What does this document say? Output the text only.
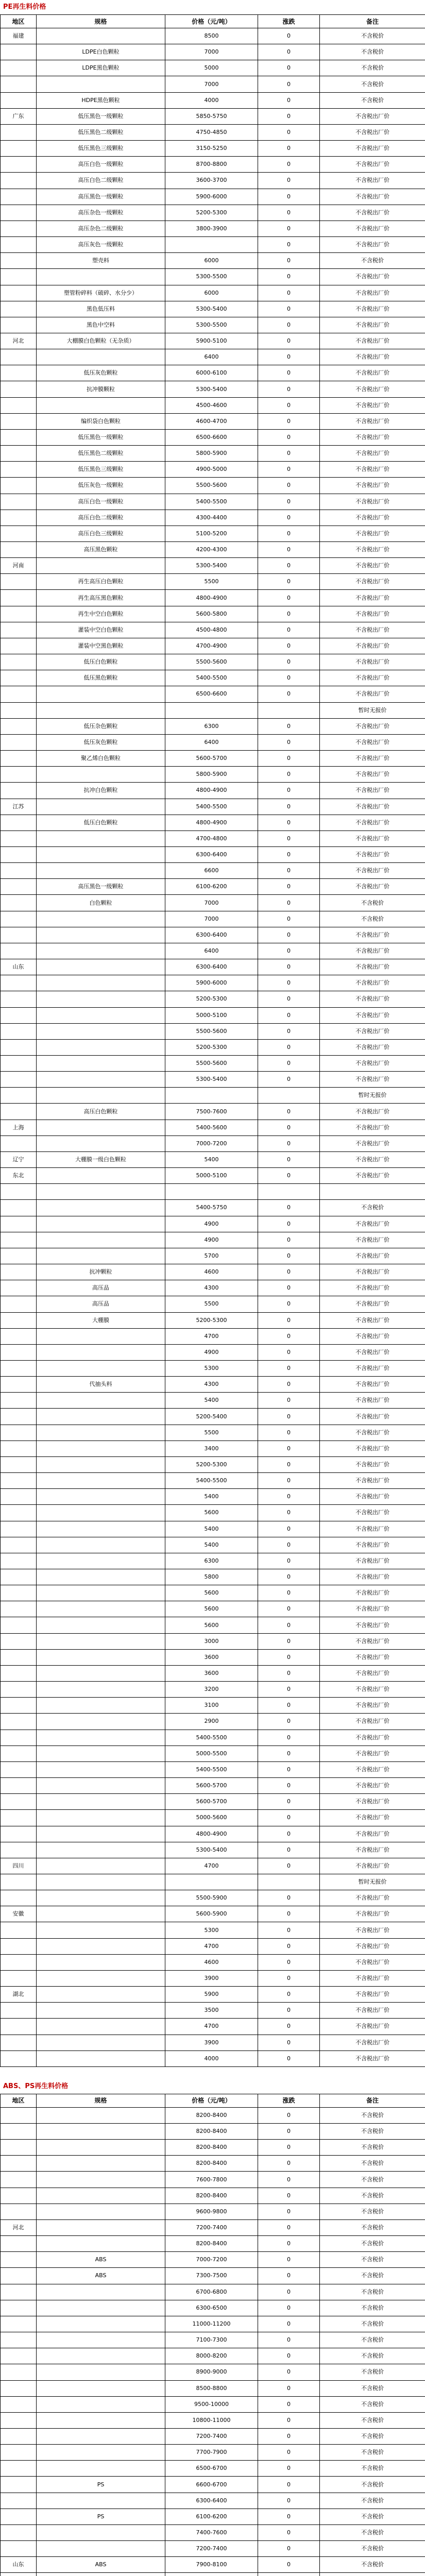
PE再生料价格
地区	规格	价格（元/吨）	涨跌	备注
福建		8500	0	不含税价
	LDPE白色颗粒	7000	0	不含税价
	LDPE黑色颗粒	5000	0	不含税价
		7000	0	不含税价
	HDPE黑色颗粒	4000	0	不含税价
广东	低压黑色一级颗粒	5850-5750	0	不含税出厂价
	低压黑色二级颗粒	4750-4850	0	不含税出厂价
	低压黑色三级颗粒	3150-5250	0	不含税出厂价
	高压白色一级颗粒	8700-8800	0	不含税出厂价
	高压白色二级颗粒	3600-3700	0	不含税出厂价
	高压黑色一级颗粒	5900-6000	0	不含税出厂价
	高压杂色一级颗粒	5200-5300	0	不含税出厂价
	高压杂色二级颗粒	3800-3900	0	不含税出厂价
	高压灰色一级颗粒		0	不含税出厂价
	塑壳料	6000	0	不含税价
		5300-5500	0	不含税出厂价
	塑管粉碎料（破碎、水分少）	6000	0	不含税出厂价
	黑色低压料	5300-5400	0	不含税出厂价
	黑色中空料	5300-5500	0	不含税出厂价
河北	大棚膜白色颗粒（无杂质）	5900-5100	0	不含税出厂价
		6400	0	不含税出厂价
	低压灰色颗粒	6000-6100	0	不含税出厂价
	抗冲膜颗粒	5300-5400	0	不含税出厂价
		4500-4600	0	不含税出厂价
	编织袋白色颗粒	4600-4700	0	不含税出厂价
	低压黑色一级颗粒	6500-6600	0	不含税出厂价
	低压黑色二级颗粒	5800-5900	0	不含税出厂价
	低压黑色三级颗粒	4900-5000	0	不含税出厂价
	低压灰色一级颗粒	5500-5600	0	不含税出厂价
	高压白色一级颗粒	5400-5500	0	不含税出厂价
	高压白色二级颗粒	4300-4400	0	不含税出厂价
	高压白色三级颗粒	5100-5200	0	不含税出厂价
	高压黑色颗粒	4200-4300	0	不含税出厂价
河南		5300-5400	0	不含税出厂价
	再生高压白色颗粒	5500	0	不含税出厂价
	再生高压黑色颗粒	4800-4900	0	不含税出厂价
	再生中空白色颗粒	5600-5800	0	不含税出厂价
	灌装中空白色颗粒	4500-4800	0	不含税出厂价
	灌装中空黑色颗粒	4700-4900	0	不含税出厂价
	低压白色颗粒	5500-5600	0	不含税出厂价
	低压黑色颗粒	5400-5500	0	不含税出厂价
		6500-6600	0	不含税出厂价
				暂时无报价
	低压杂色颗粒	6300	0	不含税出厂价
	低压灰色颗粒	6400	0	不含税出厂价
	聚乙烯白色颗粒	5600-5700	0	不含税出厂价
		5800-5900	0	不含税出厂价
	抗冲白色颗粒	4800-4900	0	不含税出厂价
江苏		5400-5500	0	不含税出厂价
	低压白色颗粒	4800-4900	0	不含税出厂价
		4700-4800	0	不含税出厂价
		6300-6400	0	不含税出厂价
		6600	0	不含税出厂价
	高压黑色一级颗粒	6100-6200	0	不含税出厂价
	白色颗粒	7000	0	不含税价
		7000	0	不含税价
		6300-6400	0	不含税出厂价
		6400	0	不含税出厂价
山东		6300-6400	0	不含税出厂价
		5900-6000	0	不含税出厂价
		5200-5300	0	不含税出厂价
		5000-5100	0	不含税出厂价
		5500-5600	0	不含税出厂价
		5200-5300	0	不含税出厂价
		5500-5600	0	不含税出厂价
		5300-5400	0	不含税出厂价
				暂时无报价
	高压白色颗粒	7500-7600	0	不含税出厂价
上海		5400-5600	0	不含税出厂价
		7000-7200	0	不含税出厂价
辽宁	大棚膜一级白色颗粒	5400	0	不含税出厂价
东北		5000-5100	0	不含税出厂价

		5400-5750	0	不含税价
		4900	0	不含税出厂价
		4900	0	不含税出厂价
		5700	0	不含税出厂价
	抗冲颗粒	4600	0	不含税出厂价
	高压品	4300	0	不含税出厂价
	高压品	5500	0	不含税出厂价
	大棚膜	5200-5300	0	不含税出厂价
		4700	0	不含税出厂价
		4900	0	不含税出厂价
		5300	0	不含税出厂价
	代抽头料	4300	0	不含税出厂价
		5400	0	不含税出厂价
		5200-5400	0	不含税出厂价
		5500	0	不含税出厂价
		3400	0	不含税出厂价
		5200-5300	0	不含税出厂价
		5400-5500	0	不含税出厂价
		5400	0	不含税出厂价
		5600	0	不含税出厂价
		5400	0	不含税出厂价
		5400	0	不含税出厂价
		6300	0	不含税出厂价
		5800	0	不含税出厂价
		5600	0	不含税出厂价
		5600	0	不含税出厂价
		5600	0	不含税出厂价
		3000	0	不含税出厂价
		3600	0	不含税出厂价
		3600	0	不含税出厂价
		3200	0	不含税出厂价
		3100	0	不含税出厂价
		2900	0	不含税出厂价
		5400-5500	0	不含税出厂价
		5000-5500	0	不含税出厂价
		5400-5500	0	不含税出厂价
		5600-5700	0	不含税出厂价
		5600-5700	0	不含税出厂价
		5000-5600	0	不含税出厂价
		4800-4900	0	不含税出厂价
		5300-5400	0	不含税出厂价
四川		4700	0	不含税出厂价
				暂时无报价
		5500-5900	0	不含税出厂价
安徽		5600-5900	0	不含税出厂价
		5300	0	不含税出厂价
		4700	0	不含税出厂价
		4600	0	不含税出厂价
		3900	0	不含税出厂价
湖北		5900	0	不含税出厂价
		3500	0	不含税出厂价
		4700	0	不含税出厂价
		3900	0	不含税出厂价
		4000	0	不含税出厂价
ABS、PS再生料价格
地区	规格	价格（元/吨）	涨跌	备注
		8200-8400	0	不含税价
		8200-8400	0	不含税价
		8200-8400	0	不含税价
		8200-8400	0	不含税价
		7600-7800	0	不含税价
		8200-8400	0	不含税价
		9600-9800	0	不含税价
河北		7200-7400	0	不含税价
		8200-8400	0	不含税价
	ABS	7000-7200	0	不含税价
	ABS	7300-7500	0	不含税价
		6700-6800	0	不含税价
		6300-6500	0	不含税价
		11000-11200	0	不含税价
		7100-7300	0	不含税价
		8000-8200	0	不含税价
		8900-9000	0	不含税价
		8500-8800	0	不含税价
		9500-10000	0	不含税价
		10800-11000	0	不含税价
		7200-7400	0	不含税价
		7700-7900	0	不含税价
		6500-6700	0	不含税价
	PS	6600-6700	0	不含税价
		6300-6400	0	不含税价
	PS	6100-6200	0	不含税价
		7400-7600	0	不含税价
		7200-7400	0	不含税价
山东	ABS	7900-8100	0	不含税价
